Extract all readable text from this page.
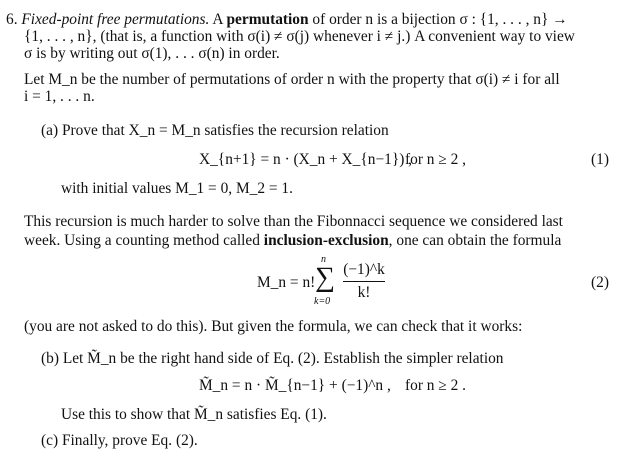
6. Fixed-point free permutations. A permutation of order n is a bijection σ : {1, . . . , n} →
{1, . . . , n}, (that is, a function with σ(i) ≠ σ(j) whenever i ≠ j.) A convenient way to view
σ is by writing out σ(1), . . . σ(n) in order.
Let M_n be the number of permutations of order n with the property that σ(i) ≠ i for all
i = 1, . . . n.
(a) Prove that X_n = M_n satisfies the recursion relation
X_{n+1} = n · (X_n + X_{n−1}) ,
for n ≥ 2 ,	(1)
with initial values M_1 = 0, M_2 = 1.
This recursion is much harder to solve than the Fibonnacci sequence we considered last
week. Using a counting method called inclusion-exclusion, one can obtain the formula
M_n = n!
n
∑
k=0
(−1)^k
k!
(2)
(you are not asked to do this). But given the formula, we can check that it works:
(b) Let M̃_n be the right hand side of Eq. (2). Establish the simpler relation
M̃_n = n · M̃_{n−1} + (−1)^n , for n ≥ 2 .
Use this to show that M̃_n satisfies Eq. (1).
(c) Finally, prove Eq. (2).
